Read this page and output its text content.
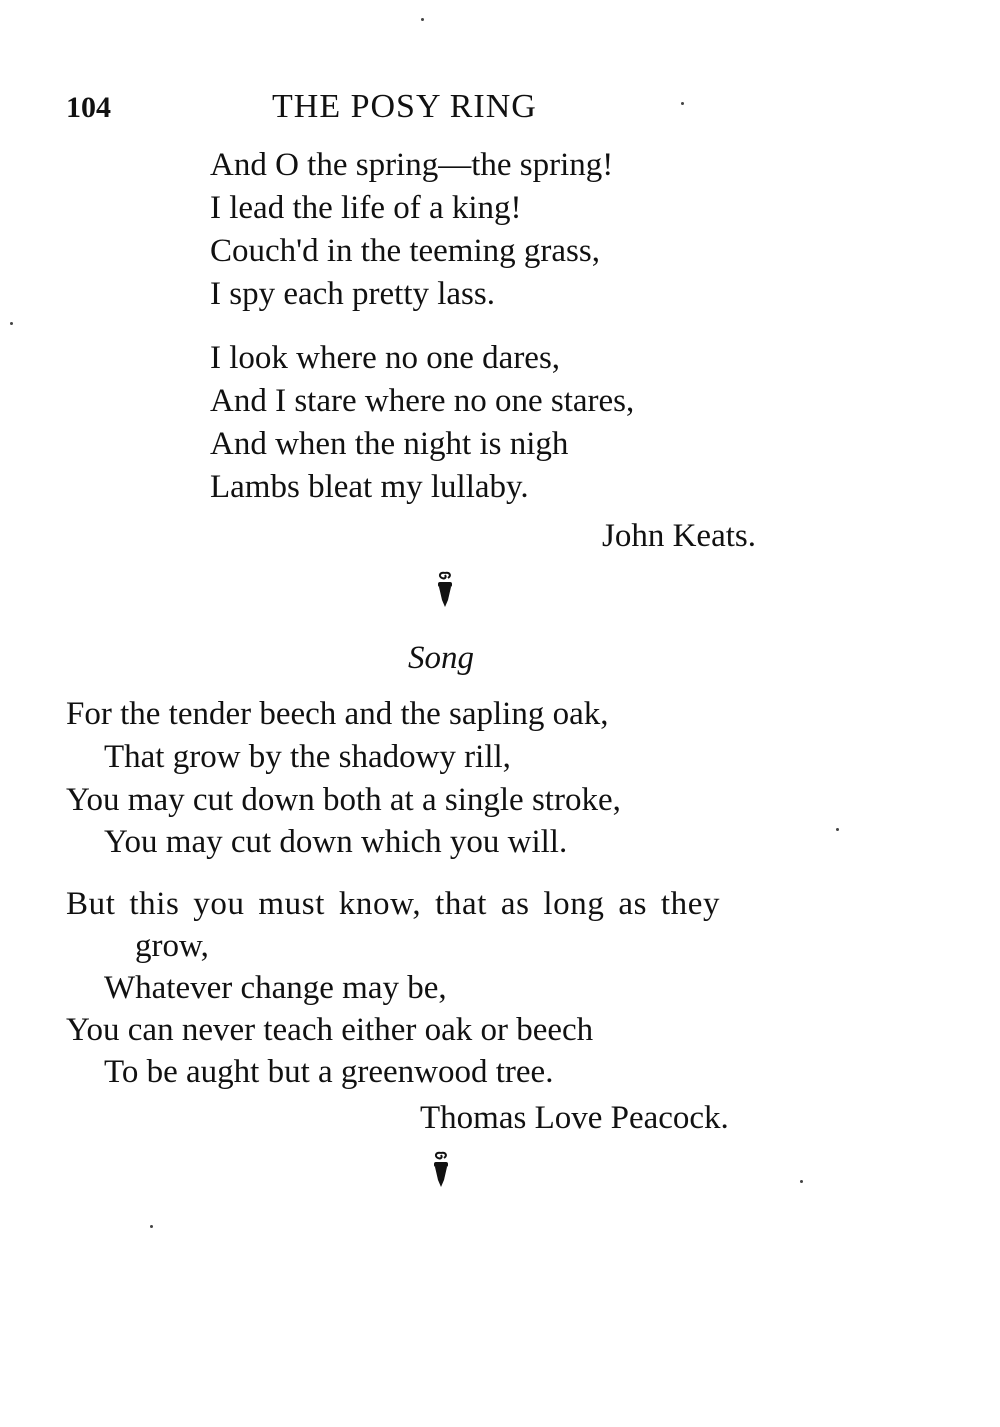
104	THE POSY RING
And O the spring—the spring!
I lead the life of a king!
Couch'd in the teeming grass,
I spy each pretty lass.
I look where no one dares,
And I stare where no one stares,
And when the night is nigh
Lambs bleat my lullaby.
John Keats.
Song
For the tender beech and the sapling oak,
That grow by the shadowy rill,
You may cut down both at a single stroke,
You may cut down which you will.
But this you must know, that as long as they
grow,
Whatever change may be,
You can never teach either oak or beech
To be aught but a greenwood tree.
Thomas Love Peacock.
